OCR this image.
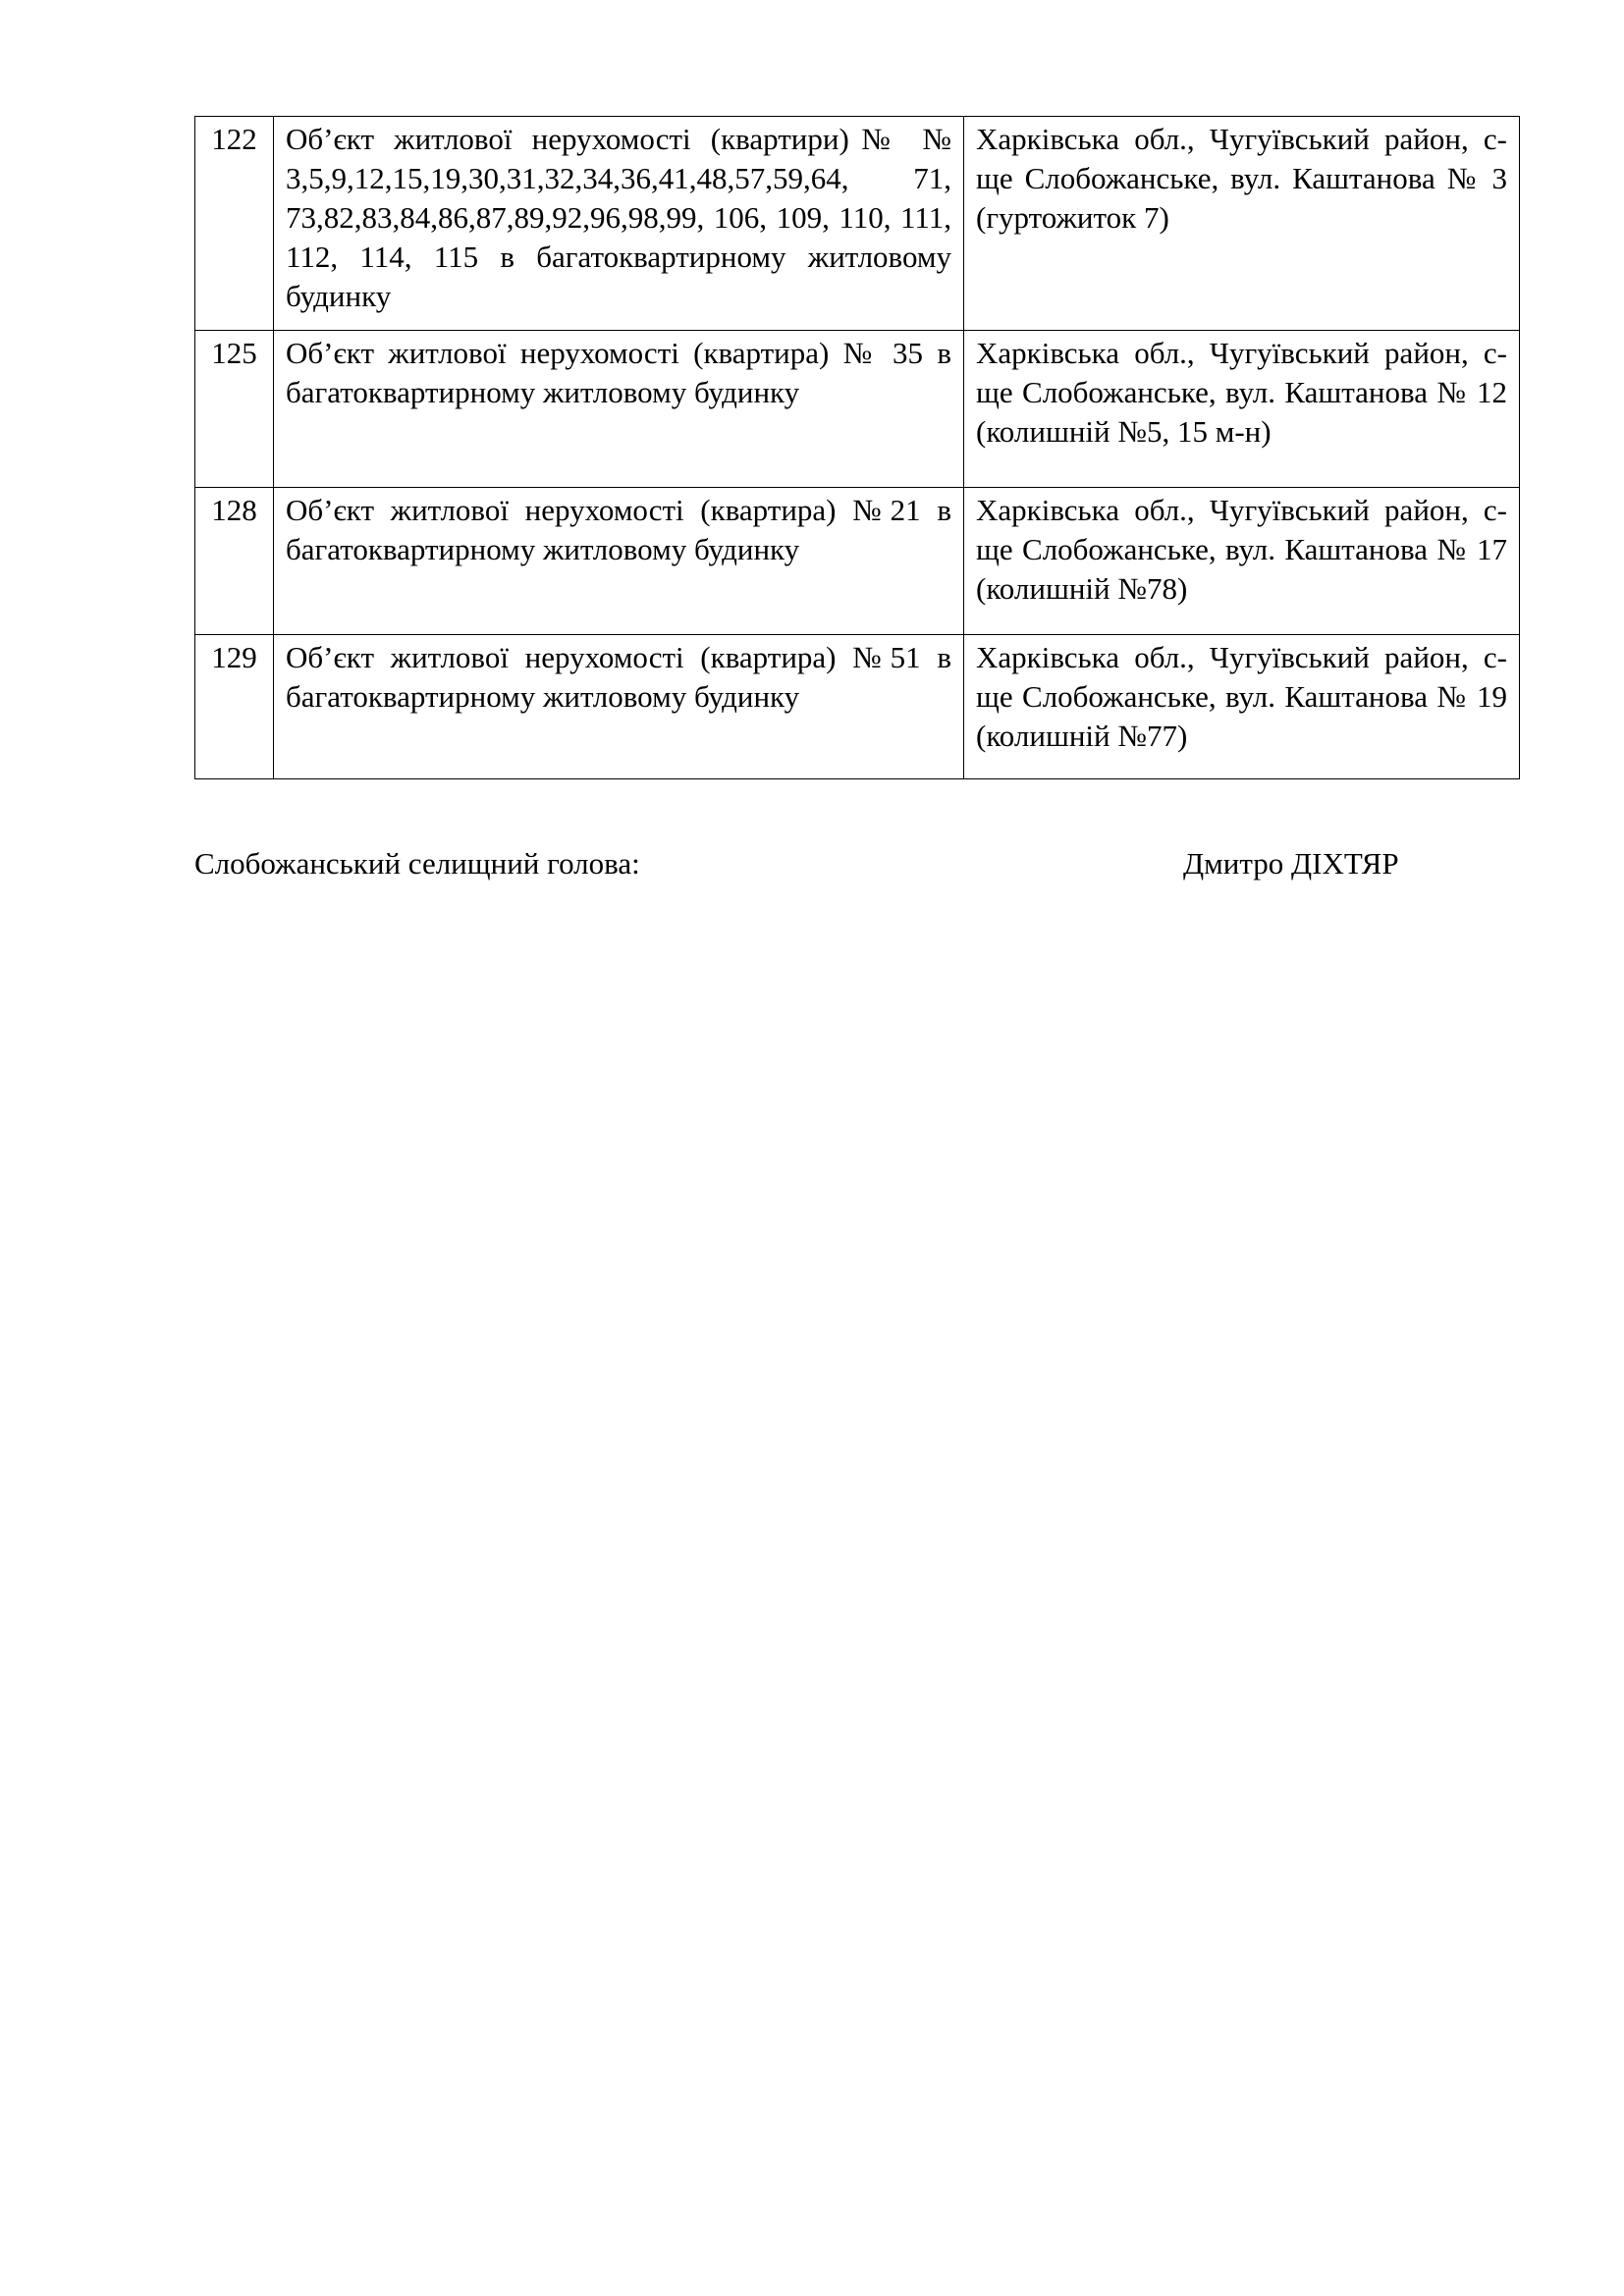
122	Об’єкт житлової нерухомості (квартири)№ № 3,5,9,12,15,19,30,31,32,34,36,41,48,57,59,64, 71, 73,82,83,84,86,87,89,92,96,98,99, 106, 109, 110, 111, 112, 114, 115 в багатоквартирному житловому будинку	Харківська обл., Чугуївський район, с-ще Слобожанське, вул. Каштанова № 3 (гуртожиток 7)
125	Об’єкт житлової нерухомості (квартира) № 35 в багатоквартирному житловому будинку	Харківська обл., Чугуївський район, с-ще Слобожанське, вул. Каштанова № 12 (колишній №5, 15 м-н)
128	Об’єкт житлової нерухомості (квартира) №21 в багатоквартирному житловому будинку	Харківська обл., Чугуївський район, с-ще Слобожанське, вул. Каштанова № 17 (колишній №78)
129	Об’єкт житлової нерухомості (квартира) №51 в багатоквартирному житловому будинку	Харківська обл., Чугуївський район, с-ще Слобожанське, вул. Каштанова № 19 (колишній №77)
Слобожанський селищний голова:	Дмитро ДІХТЯР
